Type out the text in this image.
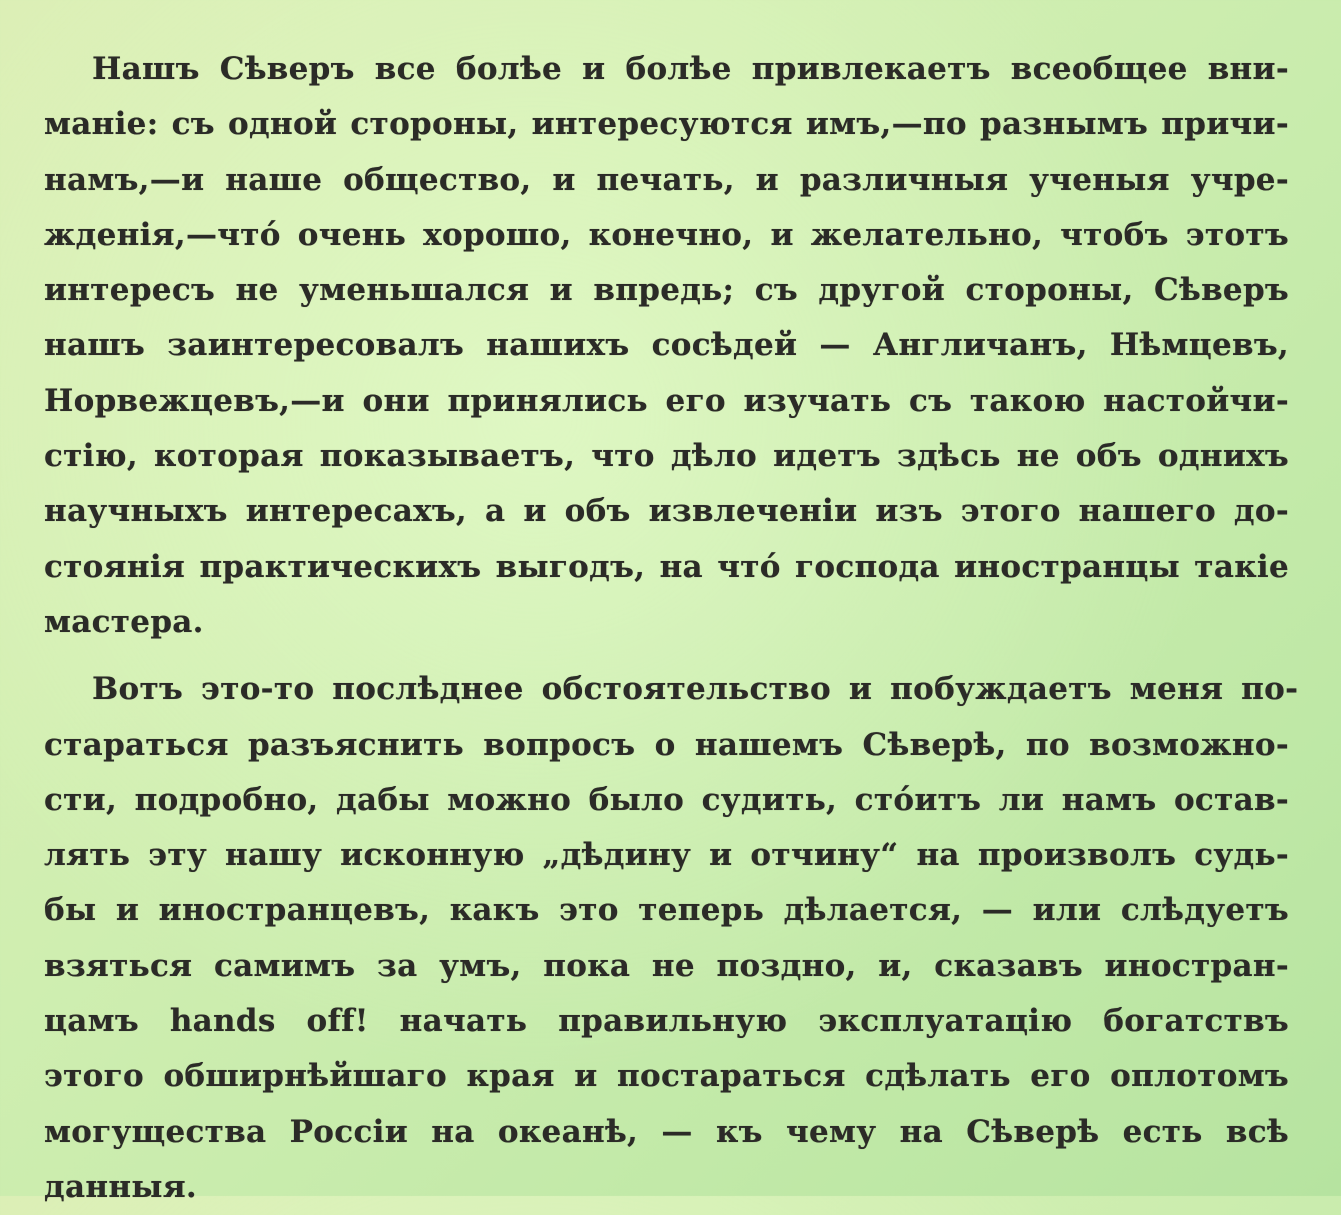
Нашъ Сѣверъ все болѣе и болѣе привлекаетъ всеобщее вни-
маніе: съ одной стороны, интересуются имъ,—по разнымъ причи-
намъ,—и наше общество, и печать, и различныя ученыя учре-
жденія,—что́ очень хорошо, конечно, и желательно, чтобъ этотъ
интересъ не уменьшался и впредь; съ другой стороны, Сѣверъ
нашъ заинтересовалъ нашихъ сосѣдей — Англичанъ, Нѣмцевъ,
Норвежцевъ,—и они принялись его изучать съ такою настойчи-
стію, которая показываетъ, что дѣло идетъ здѣсь не объ однихъ
научныхъ интересахъ, а и объ извлеченіи изъ этого нашего до-
стоянія практическихъ выгодъ, на что́ господа иностранцы такіе
мастера.

Вотъ это-то послѣднее обстоятельство и побуждаетъ меня по-
стараться разъяснить вопросъ о нашемъ Сѣверѣ, по возможно-
сти, подробно, дабы можно было судить, сто́итъ ли намъ остав-
лять эту нашу исконную „дѣдину и отчину“ на произволъ судь-
бы и иностранцевъ, какъ это теперь дѣлается, — или слѣдуетъ
взяться самимъ за умъ, пока не поздно, и, сказавъ иностран-
цамъ hands off! начать правильную эксплуатацію богатствъ
этого обширнѣйшаго края и постараться сдѣлать его оплотомъ
могущества Россіи на океанѣ, — къ чему на Сѣверѣ есть всѣ
данныя.
